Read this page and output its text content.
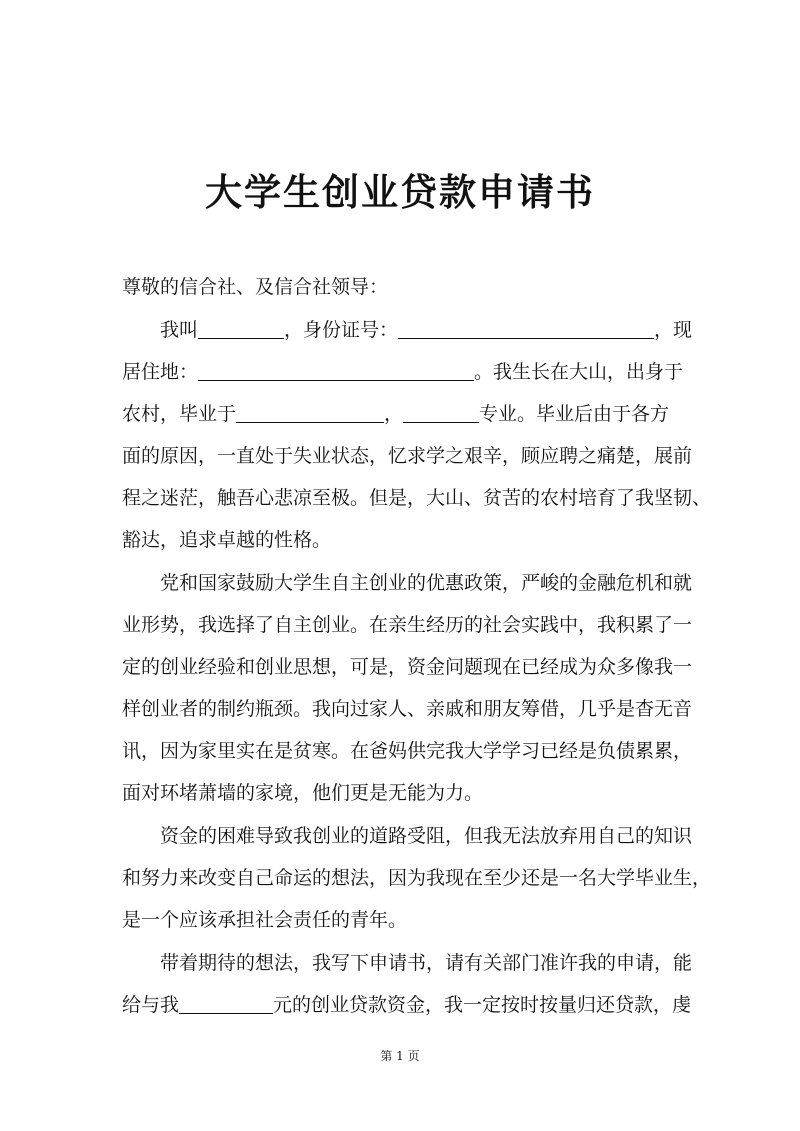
大学生创业贷款申请书
尊敬的信合社、及信合社领导：
我叫	，身份证号：	，现
居住地：	。我生长在大山，出身于
农村，毕业于	，	专业。毕业后由于各方
面的原因，一直处于失业状态，忆求学之艰辛，顾应聘之痛楚，展前
程之迷茫，触吾心悲凉至极。但是，大山、贫苦的农村培育了我坚韧、
豁达，追求卓越的性格。
党和国家鼓励大学生自主创业的优惠政策，严峻的金融危机和就
业形势，我选择了自主创业。在亲生经历的社会实践中，我积累了一
定的创业经验和创业思想，可是，资金问题现在已经成为众多像我一
样创业者的制约瓶颈。我向过家人、亲戚和朋友筹借，几乎是杳无音
讯，因为家里实在是贫寒。在爸妈供完我大学学习已经是负债累累，
面对环堵萧墙的家境，他们更是无能为力。
资金的困难导致我创业的道路受阻，但我无法放弃用自己的知识
和努力来改变自己命运的想法，因为我现在至少还是一名大学毕业生，
是一个应该承担社会责任的青年。
带着期待的想法，我写下申请书，请有关部门准许我的申请，能
给与我	元的创业贷款资金，我一定按时按量归还贷款，虔
第 1 页
